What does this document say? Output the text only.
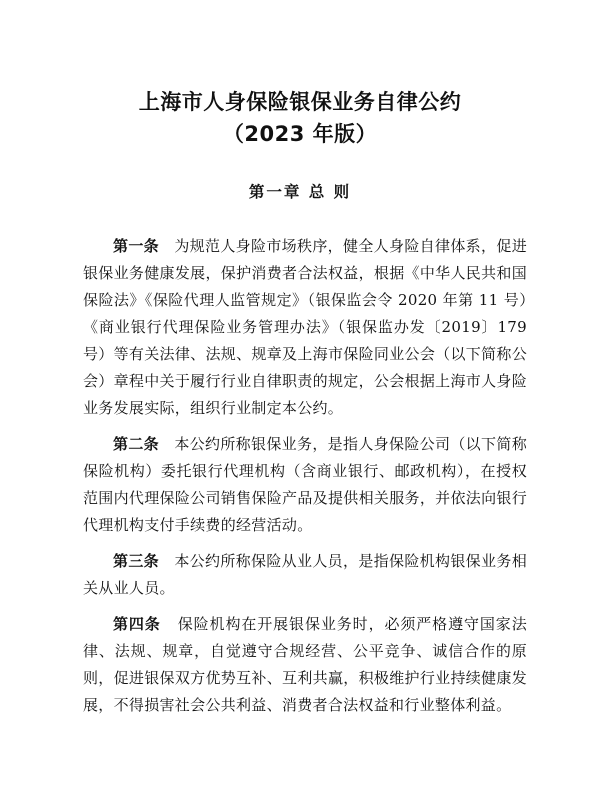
上海市人身保险银保业务自律公约
（2023 年版）
第一章 总 则

第一条 为规范人身险市场秩序，健全人身险自律体系，促进银保业务健康发展，保护消费者合法权益，根据《中华人民共和国保险法》《保险代理人监管规定》（银保监会令 2020 年第 11 号）《商业银行代理保险业务管理办法》（银保监办发〔2019〕179 号）等有关法律、法规、规章及上海市保险同业公会（以下简称公会）章程中关于履行行业自律职责的规定，公会根据上海市人身险业务发展实际，组织行业制定本公约。

第二条 本公约所称银保业务，是指人身保险公司（以下简称保险机构）委托银行代理机构（含商业银行、邮政机构），在授权范围内代理保险公司销售保险产品及提供相关服务，并依法向银行代理机构支付手续费的经营活动。

第三条 本公约所称保险从业人员，是指保险机构银保业务相关从业人员。

第四条 保险机构在开展银保业务时，必须严格遵守国家法律、法规、规章，自觉遵守合规经营、公平竞争、诚信合作的原则，促进银保双方优势互补、互利共赢，积极维护行业持续健康发展，不得损害社会公共利益、消费者合法权益和行业整体利益。
